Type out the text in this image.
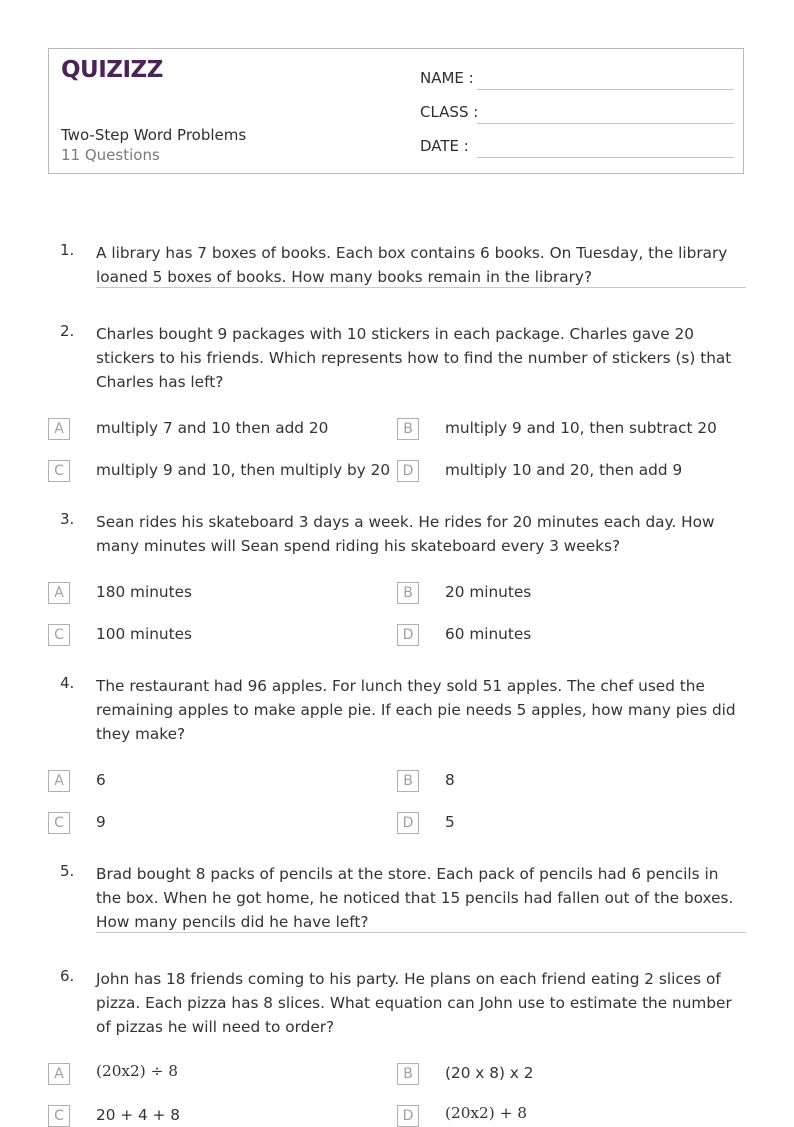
QUIZIZZ
Two-Step Word Problems
11 Questions
NAME :
CLASS :
DATE :
1. A library has 7 boxes of books. Each box contains 6 books. On Tuesday, the library loaned 5 boxes of books. How many books remain in the library?
2. Charles bought 9 packages with 10 stickers in each package. Charles gave 20 stickers to his friends. Which represents how to find the number of stickers (s) that Charles has left?
A	multiply 7 and 10 then add 20	B	multiply 9 and 10, then subtract 20
C	multiply 9 and 10, then multiply by 20 D	multiply 10 and 20, then add 9
3. Sean rides his skateboard 3 days a week. He rides for 20 minutes each day. How many minutes will Sean spend riding his skateboard every 3 weeks?
A	180 minutes	B	20 minutes
C	100 minutes	D	60 minutes
4. The restaurant had 96 apples. For lunch they sold 51 apples. The chef used the remaining apples to make apple pie. If each pie needs 5 apples, how many pies did they make?
A	6	B	8
C	9	D	5
5. Brad bought 8 packs of pencils at the store. Each pack of pencils had 6 pencils in the box. When he got home, he noticed that 15 pencils had fallen out of the boxes. How many pencils did he have left?
6. John has 18 friends coming to his party. He plans on each friend eating 2 slices of pizza. Each pizza has 8 slices. What equation can John use to estimate the number of pizzas he will need to order?
A	(20x2) ÷ 8	B	(20 x 8) x 2
C	20 + 4 + 8	D	(20x2) + 8
